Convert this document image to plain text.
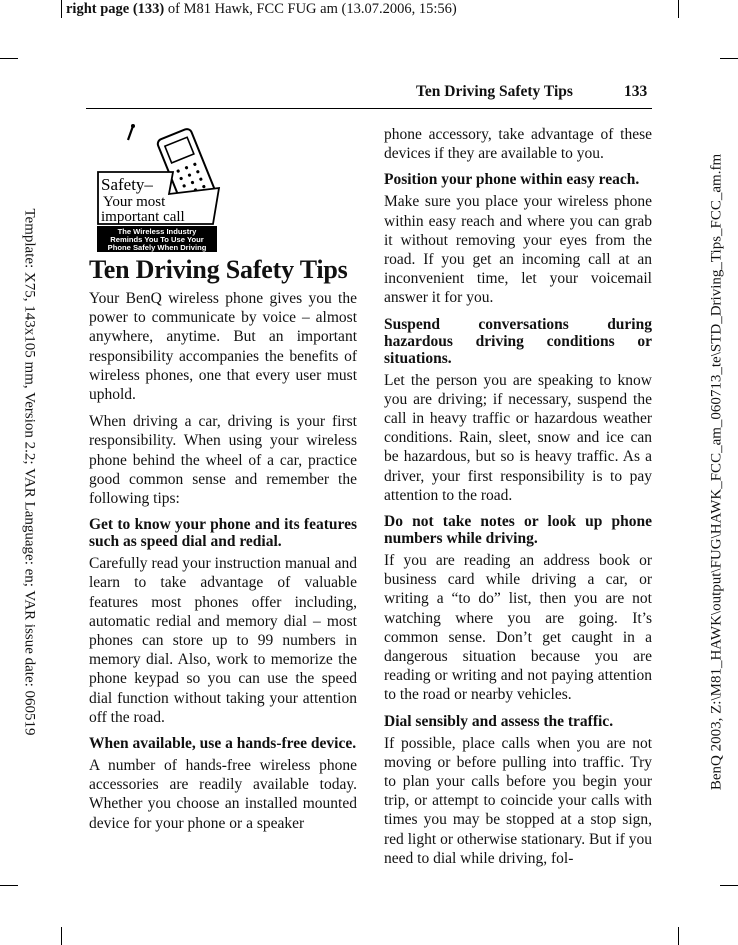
right page (133) of M81 Hawk, FCC FUG am (13.07.2006, 15:56)
Template: X75, 143x105 mm, Version 2.2; VAR Language: en; VAR issue date: 060519	BenQ 2003, Z:\M81_HAWK\output\FUG\HAWK_FCC_am_060713_te\STD_Driving_Tips_FCC_am.fm
Ten Driving Safety Tips	133
Safety–
Your most
important call
The Wireless Industry
Reminds You To Use Your
Phone Safely When Driving
Ten Driving Safety Tips

Your BenQ wireless phone gives you the power to communicate by voice – almost anywhere, anytime. But an important responsibility accompanies the benefits of wireless phones, one that every user must uphold.

When driving a car, driving is your first responsibility. When using your wireless phone behind the wheel of a car, practice good common sense and remember the following tips:

Get to know your phone and its features such as speed dial and redial.

Carefully read your instruction manual and learn to take advantage of valuable features most phones offer including, automatic redial and memory dial – most phones can store up to 99 numbers in memory dial. Also, work to memorize the phone keypad so you can use the speed dial function without taking your attention off the road.

When available, use a hands-free device.

A number of hands-free wireless phone accessories are readily available today. Whether you choose an installed mounted device for your phone or a speaker

phone accessory, take advantage of these devices if they are available to you.

Position your phone within easy reach.

Make sure you place your wireless phone within easy reach and where you can grab it without removing your eyes from the road. If you get an incoming call at an inconvenient time, let your voicemail answer it for you.

Suspend conversations during hazardous driving conditions or situations.

Let the person you are speaking to know you are driving; if necessary, suspend the call in heavy traffic or hazardous weather conditions. Rain, sleet, snow and ice can be hazardous, but so is heavy traffic. As a driver, your first responsibility is to pay attention to the road.

Do not take notes or look up phone numbers while driving.

If you are reading an address book or business card while driving a car, or writing a “to do” list, then you are not watching where you are going. It’s common sense. Don’t get caught in a dangerous situation because you are reading or writing and not paying attention to the road or nearby vehicles.

Dial sensibly and assess the traffic.

If possible, place calls when you are not moving or before pulling into traffic. Try to plan your calls before you begin your trip, or attempt to coincide your calls with times you may be stopped at a stop sign, red light or otherwise stationary. But if you need to dial while driving, fol-
